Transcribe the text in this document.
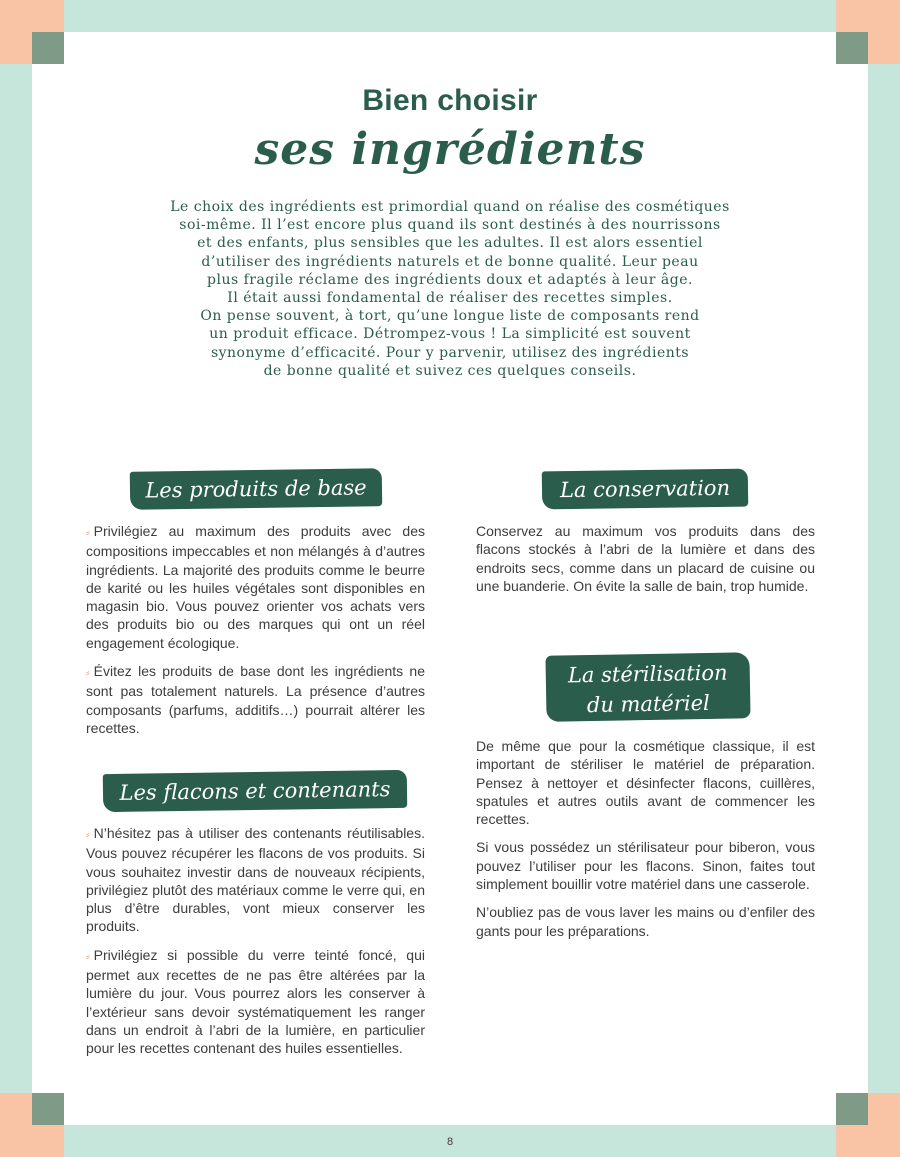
Bien choisir
ses ingrédients
Le choix des ingrédients est primordial quand on réalise des cosmétiques
soi-même. Il l’est encore plus quand ils sont destinés à des nourrissons
et des enfants, plus sensibles que les adultes. Il est alors essentiel
d’utiliser des ingrédients naturels et de bonne qualité. Leur peau
plus fragile réclame des ingrédients doux et adaptés à leur âge.
Il était aussi fondamental de réaliser des recettes simples.
On pense souvent, à tort, qu’une longue liste de composants rend
un produit efficace. Détrompez-vous ! La simplicité est souvent
synonyme d’efficacité. Pour y parvenir, utilisez des ingrédients
de bonne qualité et suivez ces quelques conseils.
Les produits de base

⸗ Privilégiez au maximum des produits avec des compositions impeccables et non mélangés à d’autres ingrédients. La majorité des produits comme le beurre de karité ou les huiles végétales sont disponibles en magasin bio. Vous pouvez orienter vos achats vers des produits bio ou des marques qui ont un réel engagement écologique.

⸗ Évitez les produits de base dont les ingrédients ne sont pas totalement naturels. La présence d’autres composants (parfums, additifs…) pourrait altérer les recettes.

Les flacons et contenants

⸗ N’hésitez pas à utiliser des contenants réutilisables. Vous pouvez récupérer les flacons de vos produits. Si vous souhaitez investir dans de nouveaux récipients, privilégiez plutôt des matériaux comme le verre qui, en plus d’être durables, vont mieux conserver les produits.

⸗ Privilégiez si possible du verre teinté foncé, qui permet aux recettes de ne pas être altérées par la lumière du jour. Vous pourrez alors les conserver à l’extérieur sans devoir systématiquement les ranger dans un endroit à l’abri de la lumière, en particulier pour les recettes contenant des huiles essentielles.

La conservation

Conservez au maximum vos produits dans des flacons stockés à l’abri de la lumière et dans des endroits secs, comme dans un placard de cuisine ou une buanderie. On évite la salle de bain, trop humide.

La stérilisation
du matériel

De même que pour la cosmétique classique, il est important de stériliser le matériel de préparation. Pensez à nettoyer et désinfecter flacons, cuillères, spatules et autres outils avant de commencer les recettes.

Si vous possédez un stérilisateur pour biberon, vous pouvez l’utiliser pour les flacons. Sinon, faites tout simplement bouillir votre matériel dans une casserole.

N’oubliez pas de vous laver les mains ou d’enfiler des gants pour les préparations.

8
